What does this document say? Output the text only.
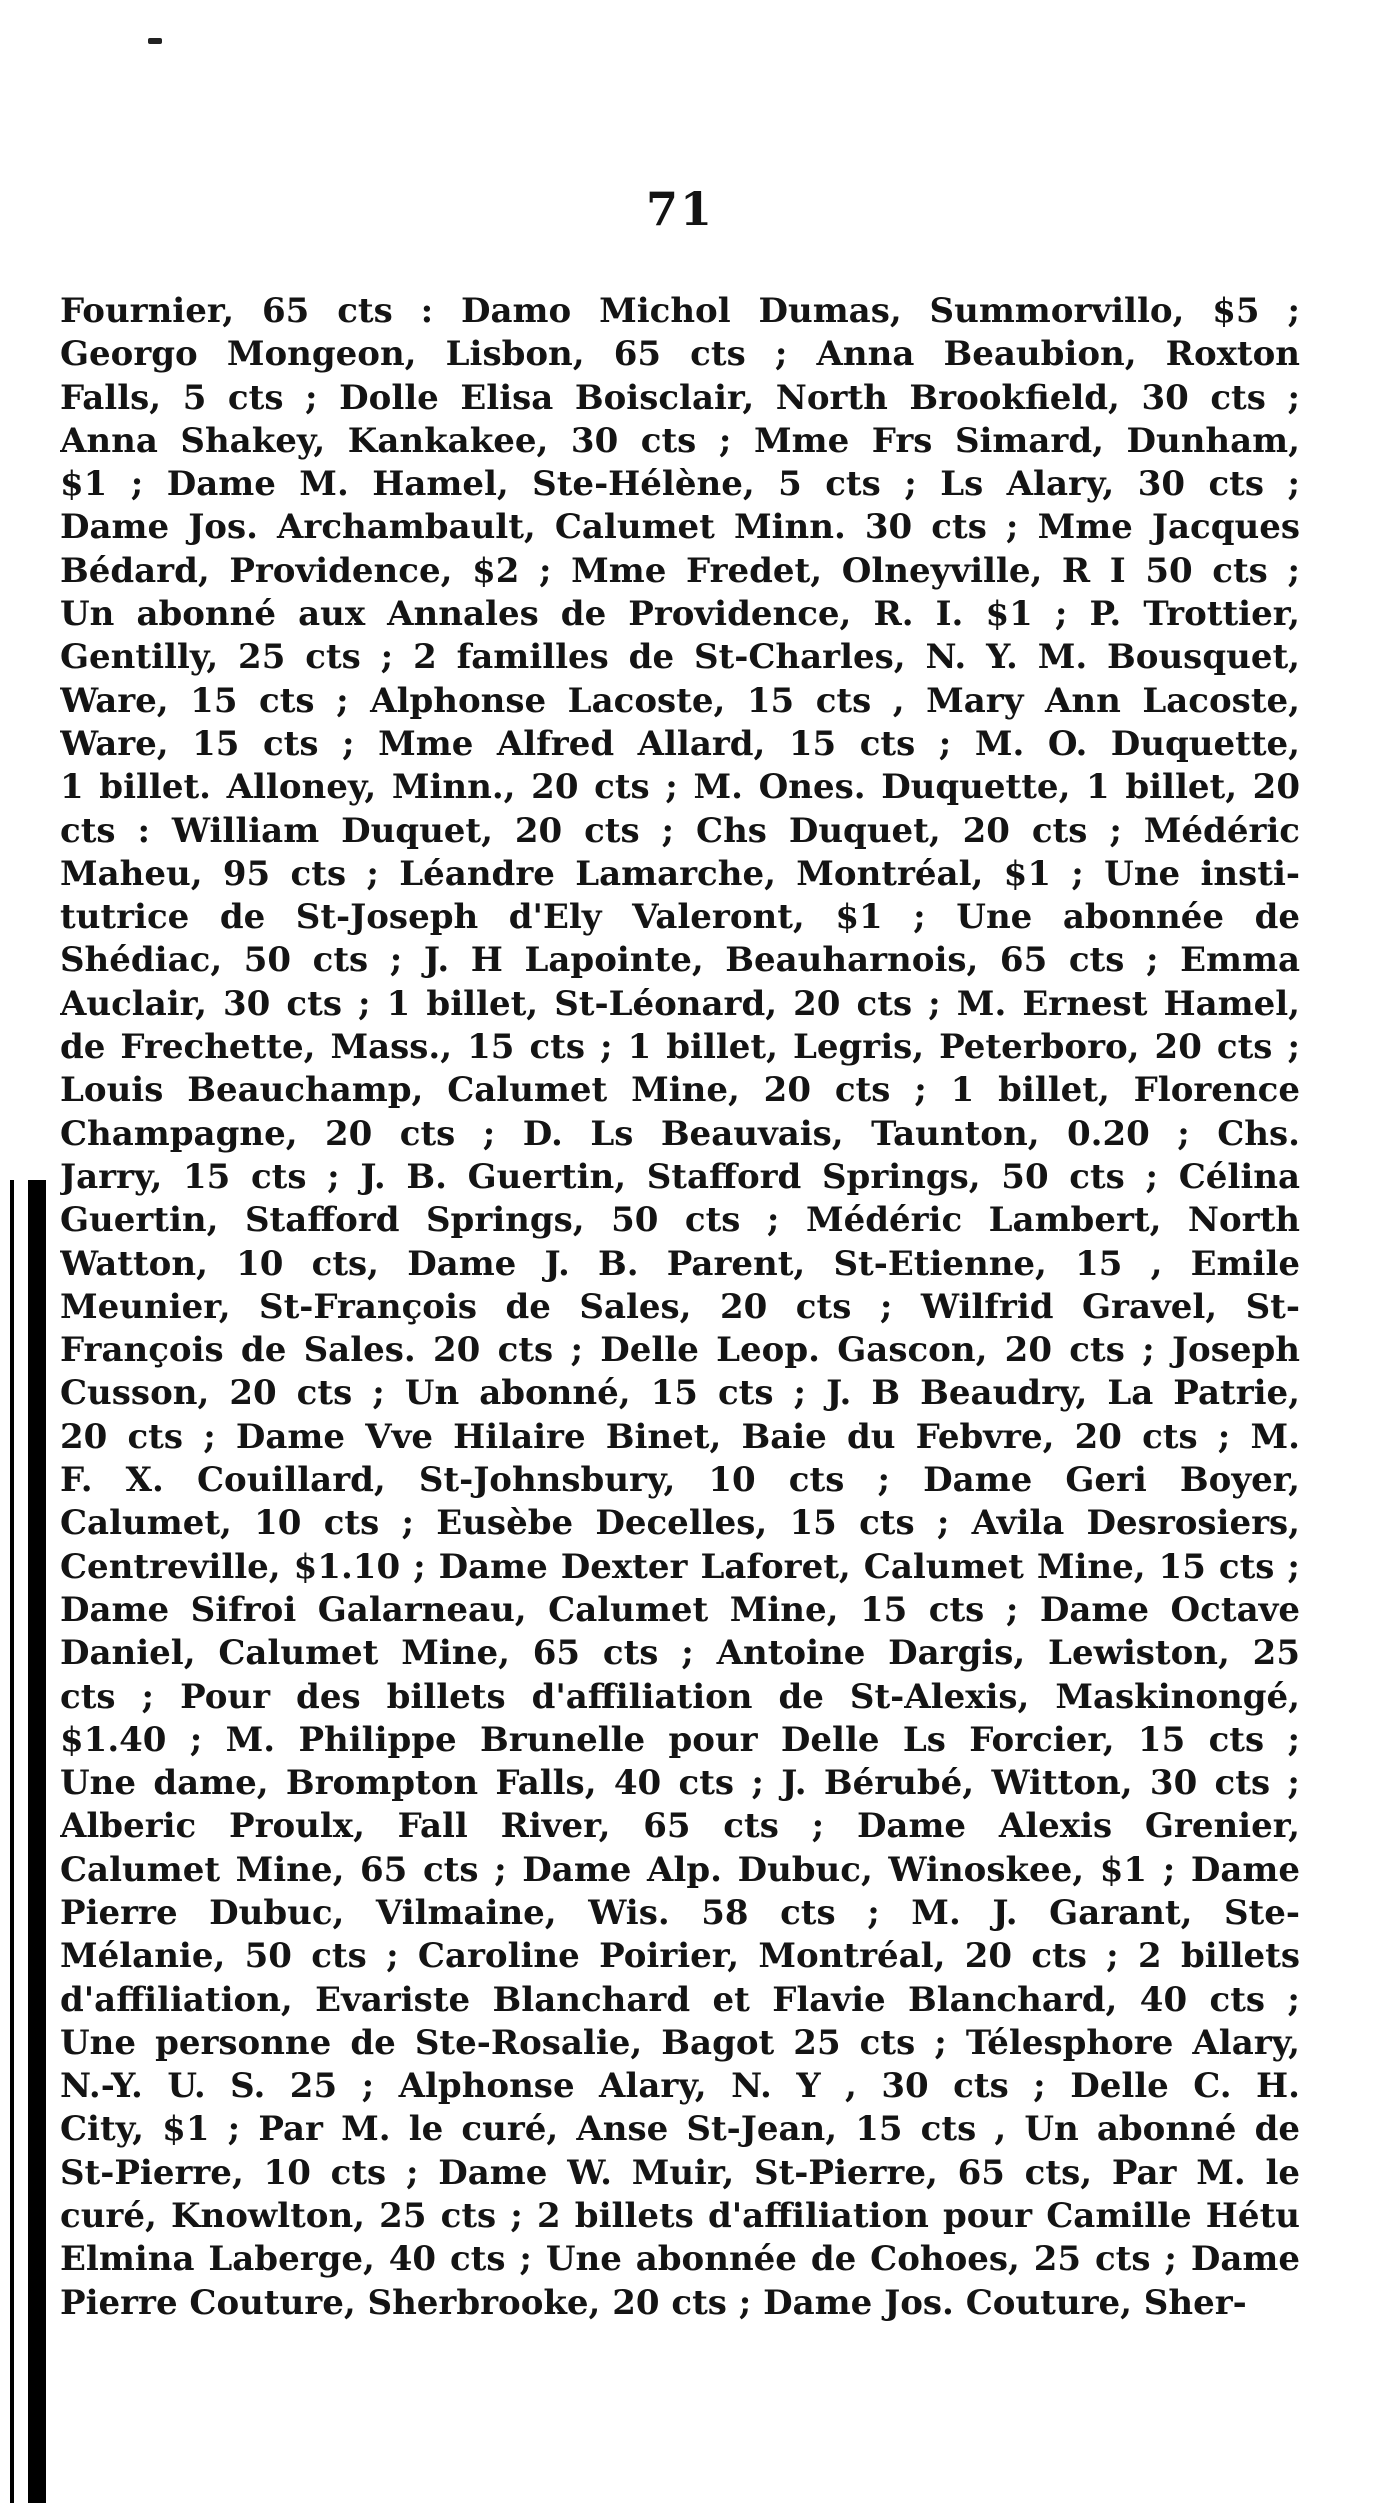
71
Fournier, 65 cts : Damo Michol Dumas, Summorvillo, $5 ;
Georgo Mongeon, Lisbon, 65 cts ; Anna Beaubion, Roxton
Falls, 5 cts ; Dolle Elisa Boisclair, North Brookfield, 30 cts ;
Anna Shakey, Kankakee, 30 cts ; Mme Frs Simard, Dunham,
$1 ; Dame M. Hamel, Ste-Hélène, 5 cts ; Ls Alary, 30 cts ;
Dame Jos. Archambault, Calumet Minn. 30 cts ; Mme Jacques
Bédard, Providence, $2 ; Mme Fredet, Olneyville, R I 50 cts ;
Un abonné aux Annales de Providence, R. I. $1 ; P. Trottier,
Gentilly, 25 cts ; 2 familles de St-Charles, N. Y. M. Bousquet,
Ware, 15 cts ; Alphonse Lacoste, 15 cts , Mary Ann Lacoste,
Ware, 15 cts ; Mme Alfred Allard, 15 cts ; M. O. Duquette,
1 billet. Alloney, Minn., 20 cts ; M. Ones. Duquette, 1 billet, 20
cts : William Duquet, 20 cts ; Chs Duquet, 20 cts ; Médéric
Maheu, 95 cts ; Léandre Lamarche, Montréal, $1 ; Une insti-
tutrice de St-Joseph d'Ely Valeront, $1 ; Une abonnée de
Shédiac, 50 cts ; J. H Lapointe, Beauharnois, 65 cts ; Emma
Auclair, 30 cts ; 1 billet, St-Léonard, 20 cts ; M. Ernest Hamel,
de Frechette, Mass., 15 cts ; 1 billet, Legris, Peterboro, 20 cts ;
Louis Beauchamp, Calumet Mine, 20 cts ; 1 billet, Florence
Champagne, 20 cts ; D. Ls Beauvais, Taunton, 0.20 ; Chs.
Jarry, 15 cts ; J. B. Guertin, Stafford Springs, 50 cts ; Célina
Guertin, Stafford Springs, 50 cts ; Médéric Lambert, North
Watton, 10 cts, Dame J. B. Parent, St-Etienne, 15 , Emile
Meunier, St-François de Sales, 20 cts ; Wilfrid Gravel, St-
François de Sales. 20 cts ; Delle Leop. Gascon, 20 cts ; Joseph
Cusson, 20 cts ; Un abonné, 15 cts ; J. B Beaudry, La Patrie,
20 cts ; Dame Vve Hilaire Binet, Baie du Febvre, 20 cts ; M.
F. X. Couillard, St-Johnsbury, 10 cts ; Dame Geri Boyer,
Calumet, 10 cts ; Eusèbe Decelles, 15 cts ; Avila Desrosiers,
Centreville, $1.10 ; Dame Dexter Laforet, Calumet Mine, 15 cts ;
Dame Sifroi Galarneau, Calumet Mine, 15 cts ; Dame Octave
Daniel, Calumet Mine, 65 cts ; Antoine Dargis, Lewiston, 25
cts ; Pour des billets d'affiliation de St-Alexis, Maskinongé,
$1.40 ; M. Philippe Brunelle pour Delle Ls Forcier, 15 cts ;
Une dame, Brompton Falls, 40 cts ; J. Bérubé, Witton, 30 cts ;
Alberic Proulx, Fall River, 65 cts ; Dame Alexis Grenier,
Calumet Mine, 65 cts ; Dame Alp. Dubuc, Winoskee, $1 ; Dame
Pierre Dubuc, Vilmaine, Wis. 58 cts ; M. J. Garant, Ste-
Mélanie, 50 cts ; Caroline Poirier, Montréal, 20 cts ; 2 billets
d'affiliation, Evariste Blanchard et Flavie Blanchard, 40 cts ;
Une personne de Ste-Rosalie, Bagot 25 cts ; Télesphore Alary,
N.-Y. U. S. 25 ; Alphonse Alary, N. Y , 30 cts ; Delle C. H.
City, $1 ; Par M. le curé, Anse St-Jean, 15 cts , Un abonné de
St-Pierre, 10 cts ; Dame W. Muir, St-Pierre, 65 cts, Par M. le
curé, Knowlton, 25 cts ; 2 billets d'affiliation pour Camille Hétu
Elmina Laberge, 40 cts ; Une abonnée de Cohoes, 25 cts ; Dame
Pierre Couture, Sherbrooke, 20 cts ; Dame Jos. Couture, Sher-
